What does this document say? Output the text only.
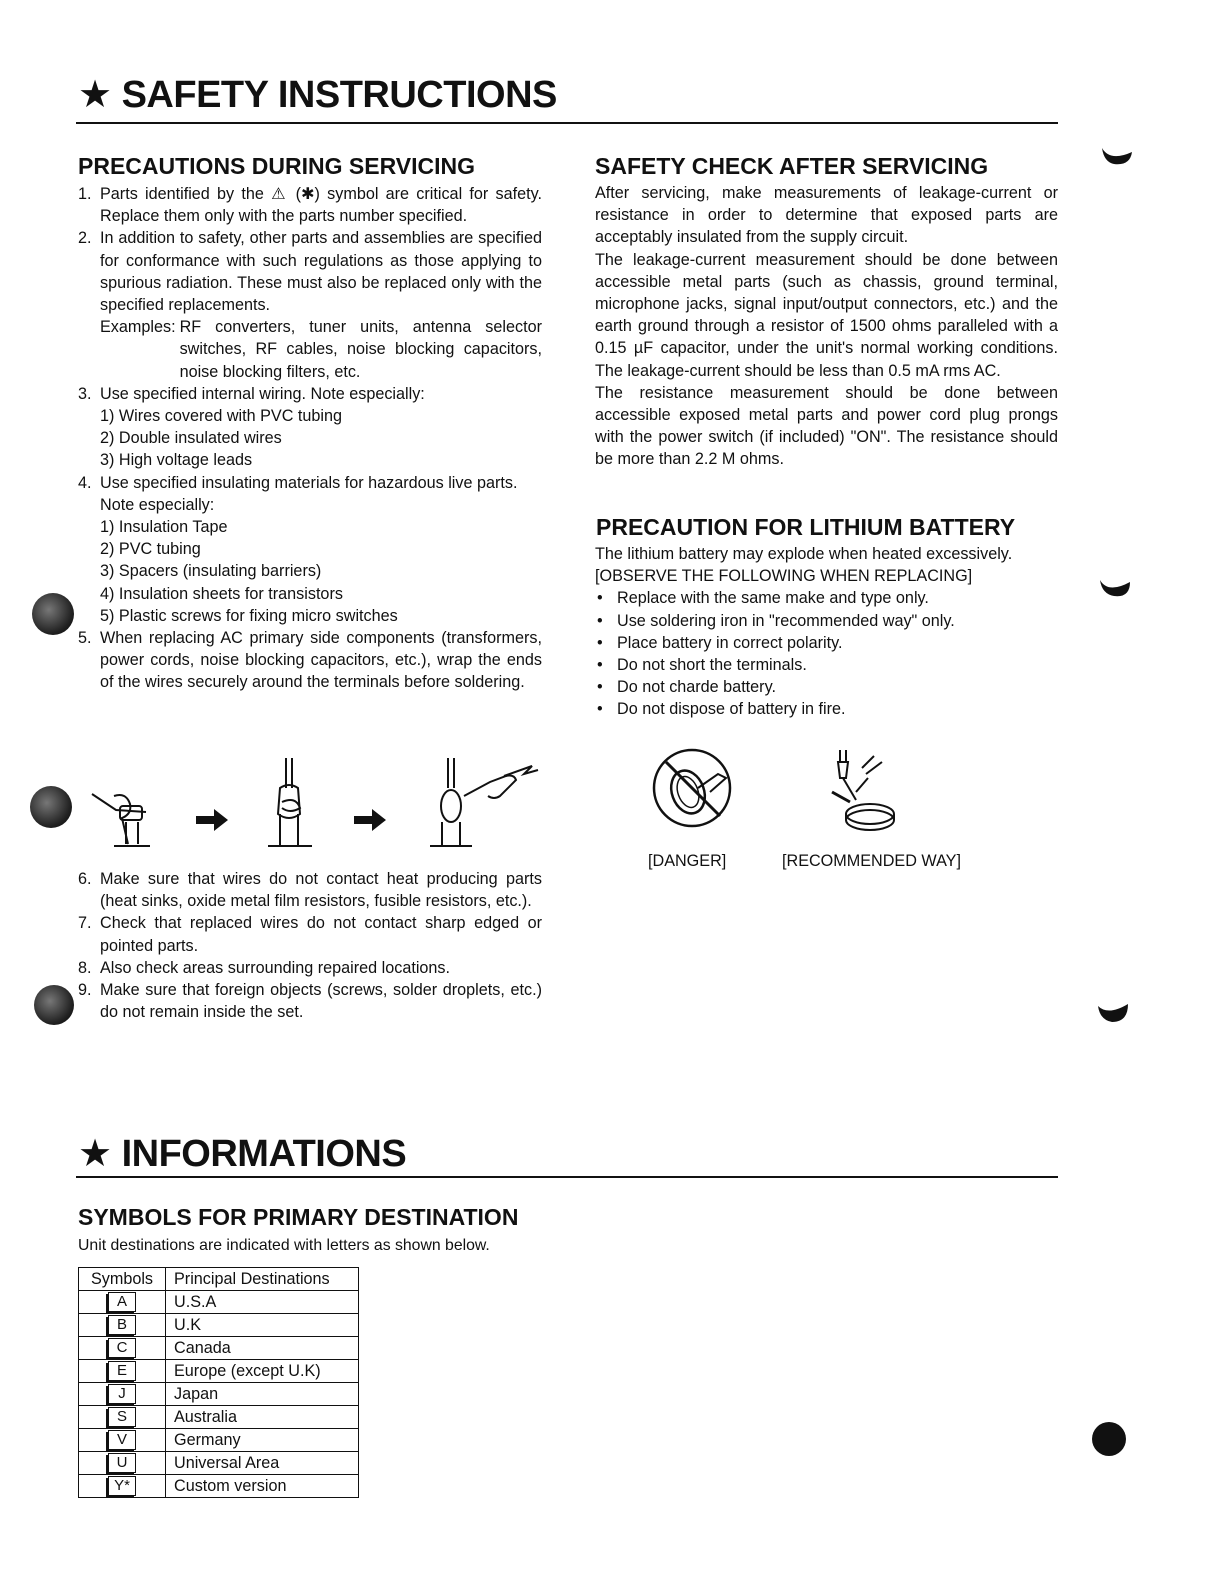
★ SAFETY INSTRUCTIONS
PRECAUTIONS DURING SERVICING
1. Parts identified by the ⚠ (✱) symbol are critical for safety. Replace them only with the parts number specified.
2. In addition to safety, other parts and assemblies are specified for conformance with such regulations as those applying to spurious radiation. These must also be replaced only with the specified replacements.
Examples: RF converters, tuner units, antenna selector switches, RF cables, noise blocking capacitors, noise blocking filters, etc.
3. Use specified internal wiring. Note especially:
1) Wires covered with PVC tubing
2) Double insulated wires
3) High voltage leads
4. Use specified insulating materials for hazardous live parts.
Note especially:
1) Insulation Tape
2) PVC tubing
3) Spacers (insulating barriers)
4) Insulation sheets for transistors
5) Plastic screws for fixing micro switches
5. When replacing AC primary side components (transformers, power cords, noise blocking capacitors, etc.), wrap the ends of the wires securely around the terminals before soldering.
6. Make sure that wires do not contact heat producing parts (heat sinks, oxide metal film resistors, fusible resistors, etc.).
7. Check that replaced wires do not contact sharp edged or pointed parts.
8. Also check areas surrounding repaired locations.
9. Make sure that foreign objects (screws, solder droplets, etc.) do not remain inside the set.
SAFETY CHECK AFTER SERVICING

After servicing, make measurements of leakage-current or resistance in order to determine that exposed parts are acceptably insulated from the supply circuit.

The leakage-current measurement should be done between accessible metal parts (such as chassis, ground terminal, microphone jacks, signal input/output connectors, etc.) and the earth ground through a resistor of 1500 ohms paralleled with a 0.15 µF capacitor, under the unit's normal working conditions. The leakage-current should be less than 0.5 mA rms AC.

The resistance measurement should be done between accessible exposed metal parts and power cord plug prongs with the power switch (if included) "ON". The resistance should be more than 2.2 M ohms.

PRECAUTION FOR LITHIUM BATTERY

The lithium battery may explode when heated excessively.

[OBSERVE THE FOLLOWING WHEN REPLACING]

• Replace with the same make and type only.
• Use soldering iron in "recommended way" only.
• Place battery in correct polarity.
• Do not short the terminals.
• Do not charde battery.
• Do not dispose of battery in fire.
[DANGER]	[RECOMMENDED WAY]
★ INFORMATIONS
SYMBOLS FOR PRIMARY DESTINATION
Unit destinations are indicated with letters as shown below.
Symbols	Principal Destinations
A	U.S.A
B	U.K
C	Canada
E	Europe (except U.K)
J	Japan
S	Australia
V	Germany
U	Universal Area
Y*	Custom version
